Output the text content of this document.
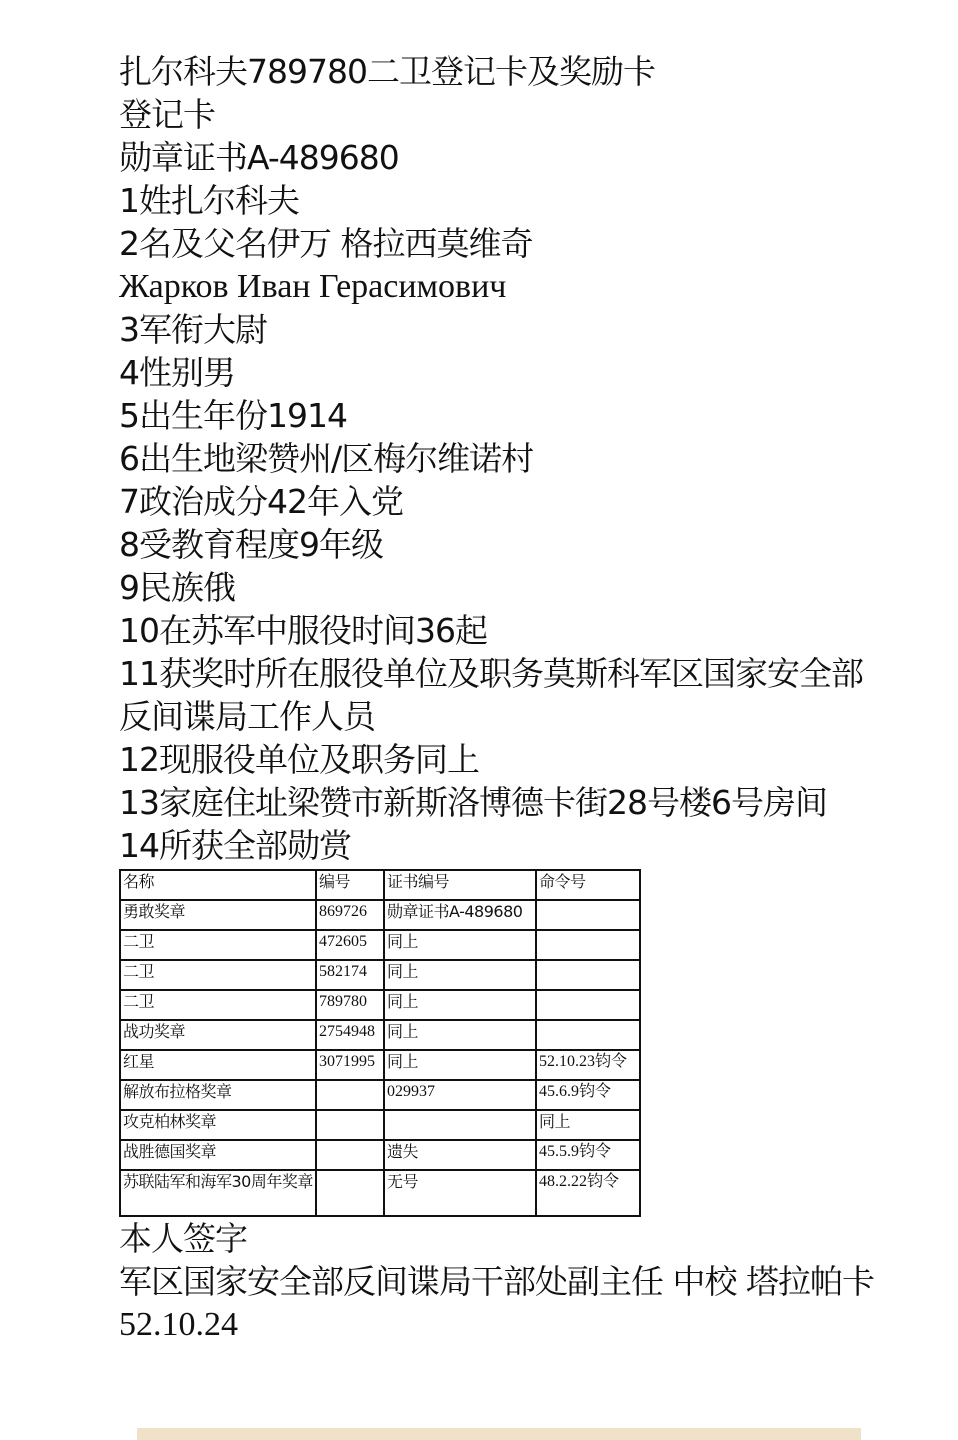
扎尔科夫789780二卫登记卡及奖励卡
登记卡
勋章证书A-489680
1姓扎尔科夫
2名及父名伊万 格拉西莫维奇
Жарков Иван Герасимович
3军衔大尉
4性别男
5出生年份1914
6出生地梁赞州/区梅尔维诺村
7政治成分42年入党
8受教育程度9年级
9民族俄
10在苏军中服役时间36起
11获奖时所在服役单位及职务莫斯科军区国家安全部反间谍局工作人员
12现服役单位及职务同上
13家庭住址梁赞市新斯洛博德卡街28号楼6号房间
14所获全部勋赏
名称	编号	证书编号	命令号
勇敢奖章	869726	勋章证书A-489680	
二卫	472605	同上	
二卫	582174	同上	
二卫	789780	同上	
战功奖章	2754948	同上	
红星	3071995	同上	52.10.23钧令
解放布拉格奖章		029937	45.6.9钧令
攻克柏林奖章			同上
战胜德国奖章		遗失	45.5.9钧令
苏联陆军和海军30周年奖章		无号	48.2.22钧令
本人签字
军区国家安全部反间谍局干部处副主任 中校 塔拉帕卡
52.10.24
